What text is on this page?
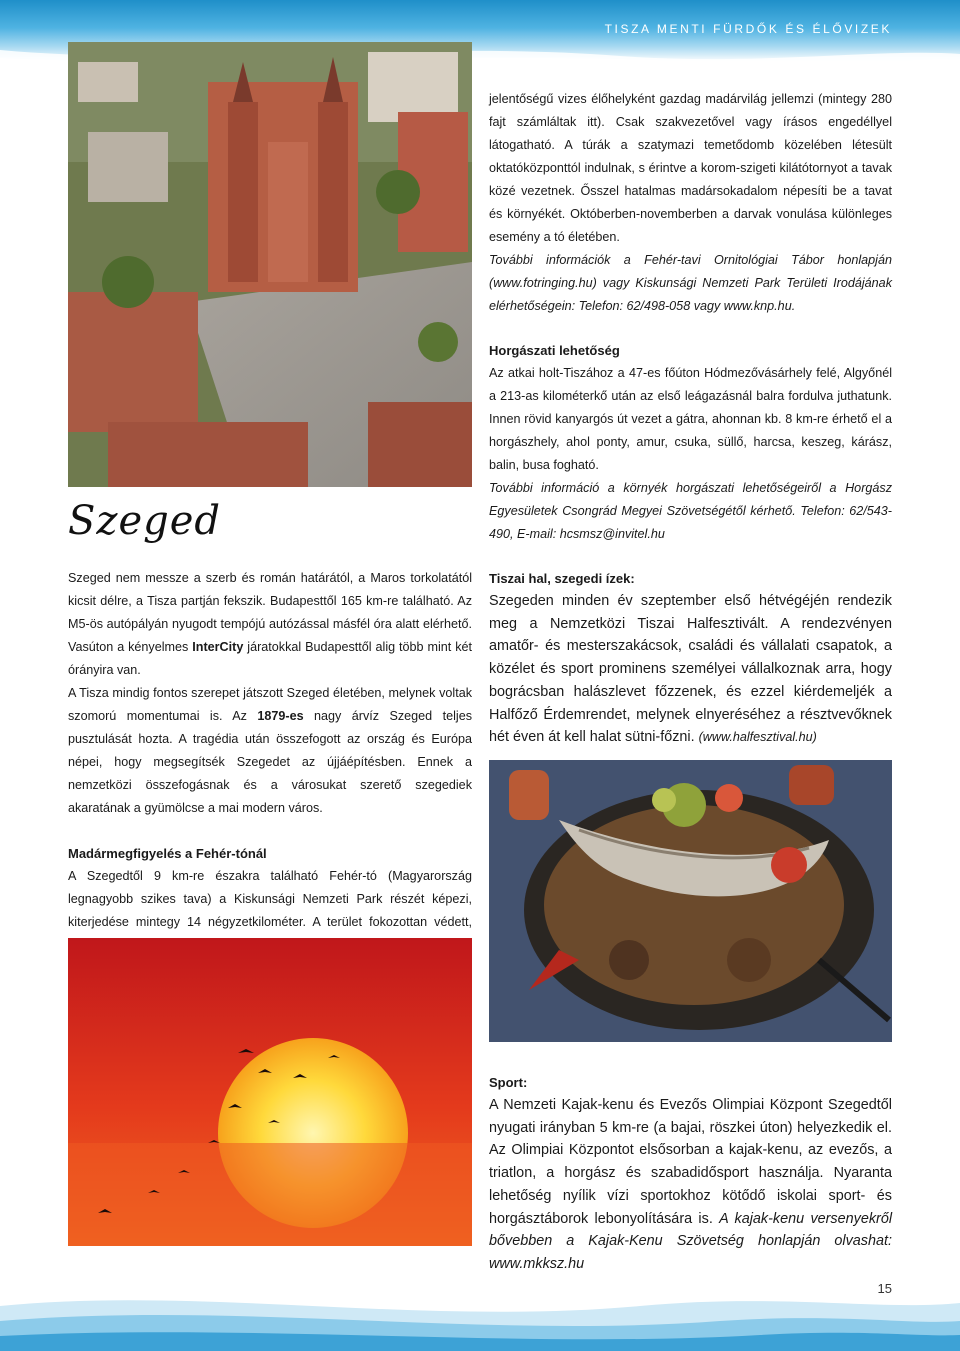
TISZA MENTI FÜRDŐK ÉS ÉLŐVIZEK

jelentőségű vizes élőhelyként gazdag madárvilág jellemzi (mintegy 280 fajt számláltak itt). Csak szakvezetővel vagy írásos engedéllyel látogatható. A túrák a szatymazi temetődomb közelében létesült oktatóközponttól indulnak, s érintve a korom-szigeti kilátótornyot a tavak közé vezetnek. Ősszel hatalmas madársokadalom népesíti be a tavat és környékét. Októberben-novemberben a darvak vonulása különleges esemény a tó életében.

További információk a Fehér-tavi Ornitológiai Tábor honlapján (www.fotringing.hu) vagy Kiskunsági Nemzeti Park Területi Irodájának elérhetőségein: Telefon: 62/498-058 vagy www.knp.hu.

Horgászati lehetőség

Az atkai holt-Tiszához a 47-es főúton Hódmezővásárhely felé, Algyőnél a 213-as kilométerkő után az első leágazásnál balra fordulva juthatunk. Innen rövid kanyargós út vezet a gátra, ahonnan kb. 8 km-re érhető el a horgászhely, ahol ponty, amur, csuka, süllő, harcsa, keszeg, kárász, balin, busa fogható.

További információ a környék horgászati lehetőségeiről a Horgász Egyesületek Csongrád Megyei Szövetségétől kérhető. Telefon: 62/543-490, E-mail: hcsmsz@invitel.hu

Szeged

Szeged nem messze a szerb és román határától, a Maros torkolatától kicsit délre, a Tisza partján fekszik. Budapesttől 165 km-re található. Az M5-ös autópályán nyugodt tempójú autózással másfél óra alatt elérhető. Vasúton a kényelmes InterCity járatokkal Budapesttől alig több mint két órányira van.

A Tisza mindig fontos szerepet játszott Szeged életében, melynek voltak szomorú momentumai is. Az 1879-es nagy árvíz Szeged teljes pusztulását hozta. A tragédia után összefogott az ország és Európa népei, hogy megsegítsék Szegedet az újjáépítésben. Ennek a nemzetközi összefogásnak és a városukat szerető szegediek akaratának a gyümölcse a mai modern város.

Madármegfigyelés a Fehér-tónál

A Szegedtől 9 km-re északra található Fehér-tó (Magyarország legnagyobb szikes tava) a Kiskunsági Nemzeti Park részét képezi, kiterjedése mintegy 14 négyzetkilométer. A terület fokozottan védett,

Tiszai hal, szegedi ízek:

Szegeden minden év szeptember első hétvégéjén rendezik meg a Nemzetközi Tiszai Halfesztivált. A rendezvényen amatőr- és mesterszakácsok, családi és vállalati csapatok, a közélet és sport prominens személyei vállalkoznak arra, hogy bográcsban halászlevet főzzenek, és ezzel kiérdemeljék a Halfőző Érdemrendet, melynek elnyeréséhez a résztvevőknek hét éven át kell halat sütni-főzni. (www.halfesztival.hu)

Sport:

A Nemzeti Kajak-kenu és Evezős Olimpiai Központ Szegedtől nyugati irányban 5 km-re (a bajai, röszkei úton) helyezkedik el. Az Olimpiai Központot elsősorban a kajak-kenu, az evezős, a triatlon, a horgász és szabadidősport használja. Nyaranta lehetőség nyílik vízi sportokhoz kötődő iskolai sport- és horgásztáborok lebonyolítására is. A kajak-kenu versenyekről bővebben a Kajak-Kenu Szövetség honlapján olvashat: www.mkksz.hu

15
